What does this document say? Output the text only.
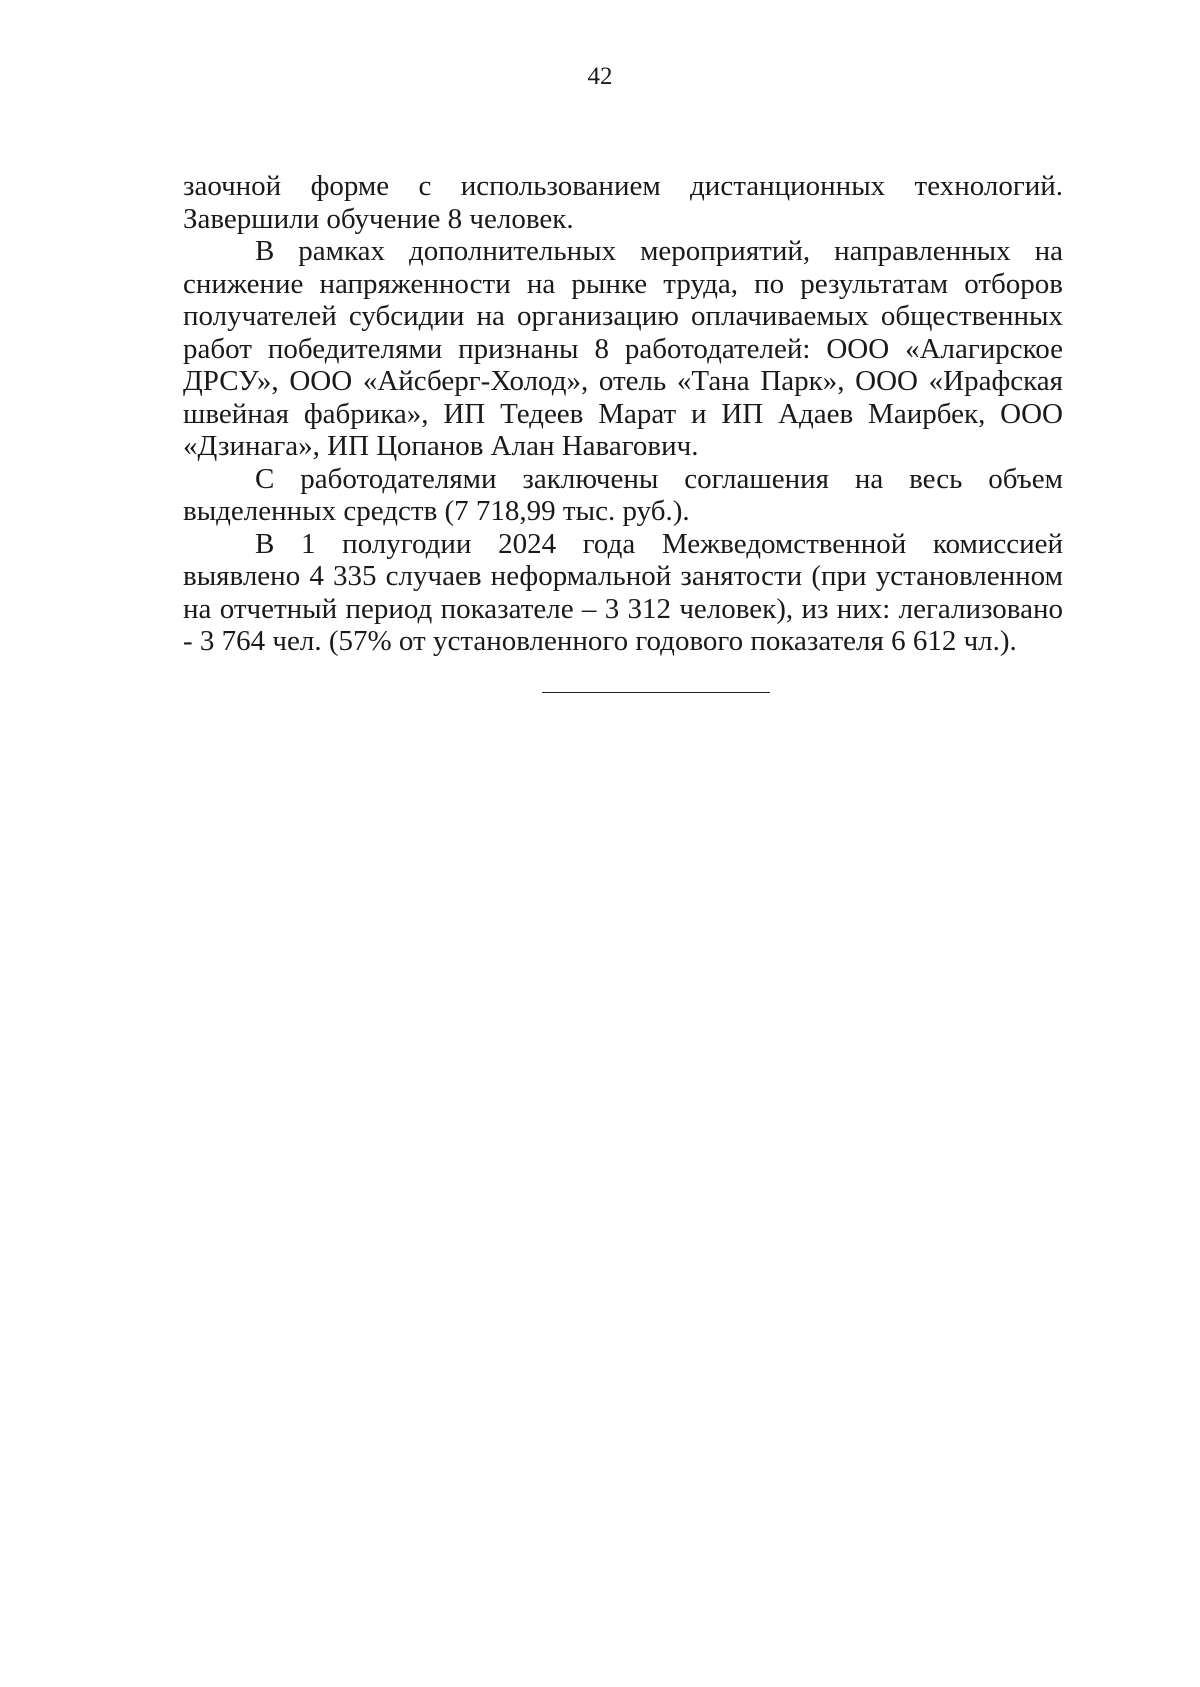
42

заочной форме с использованием дистанционных технологий. Завершили обучение 8 человек.

В рамках дополнительных мероприятий, направленных на снижение напряженности на рынке труда, по результатам отборов получателей субсидии на организацию оплачиваемых общественных работ победителями признаны 8 работодателей: ООО «Алагирское ДРСУ», ООО «Айсберг-Холод», отель «Тана Парк», ООО «Ирафская швейная фабрика», ИП Тедеев Марат и ИП Адаев Маирбек, ООО «Дзинага», ИП Цопанов Алан Навагович.

С работодателями заключены соглашения на весь объем выделенных средств (7 718,99 тыс. руб.).

В 1 полугодии 2024 года Межведомственной комиссией выявлено 4 335 случаев неформальной занятости (при установленном на отчетный период показателе – 3 312 человек), из них: легализовано - 3 764 чел. (57% от установленного годового показателя 6 612 чл.).
